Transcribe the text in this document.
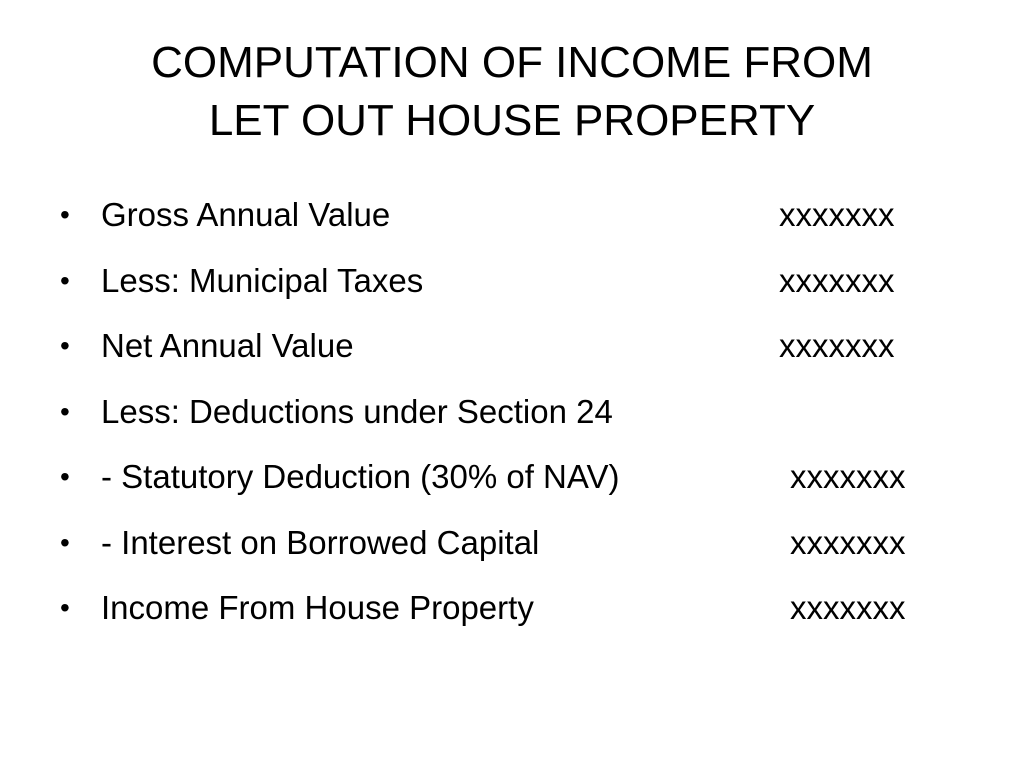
COMPUTATION OF INCOME FROM
LET OUT HOUSE PROPERTY
• Gross Annual Value	xxxxxxx
• Less: Municipal Taxes	xxxxxxx
• Net Annual Value	xxxxxxx
• Less: Deductions under Section 24
• - Statutory Deduction (30% of NAV)	xxxxxxx
• - Interest on Borrowed Capital	xxxxxxx
• Income From House Property	xxxxxxx
